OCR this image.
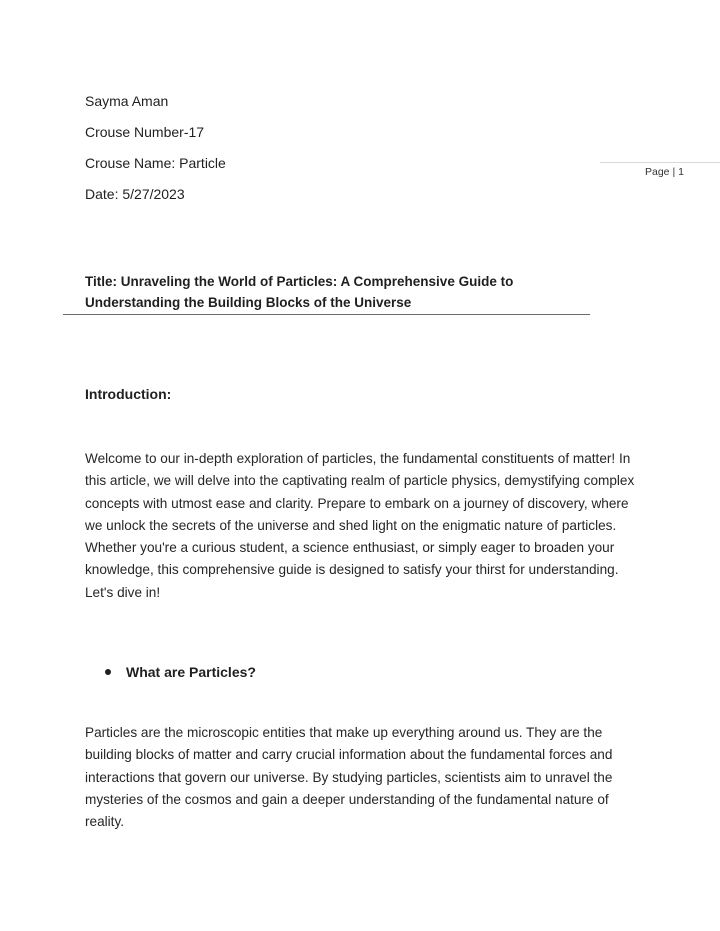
Sayma Aman
Crouse Number-17
Crouse Name: Particle
Date: 5/27/2023
Page | 1
Title: Unraveling the World of Particles: A Comprehensive Guide to
Understanding the Building Blocks of the Universe
Introduction:
Welcome to our in-depth exploration of particles, the fundamental constituents of matter! In this article, we will delve into the captivating realm of particle physics, demystifying complex concepts with utmost ease and clarity. Prepare to embark on a journey of discovery, where we unlock the secrets of the universe and shed light on the enigmatic nature of particles. Whether you're a curious student, a science enthusiast, or simply eager to broaden your knowledge, this comprehensive guide is designed to satisfy your thirst for understanding. Let's dive in!
What are Particles?
Particles are the microscopic entities that make up everything around us. They are the building blocks of matter and carry crucial information about the fundamental forces and interactions that govern our universe. By studying particles, scientists aim to unravel the mysteries of the cosmos and gain a deeper understanding of the fundamental nature of reality.
